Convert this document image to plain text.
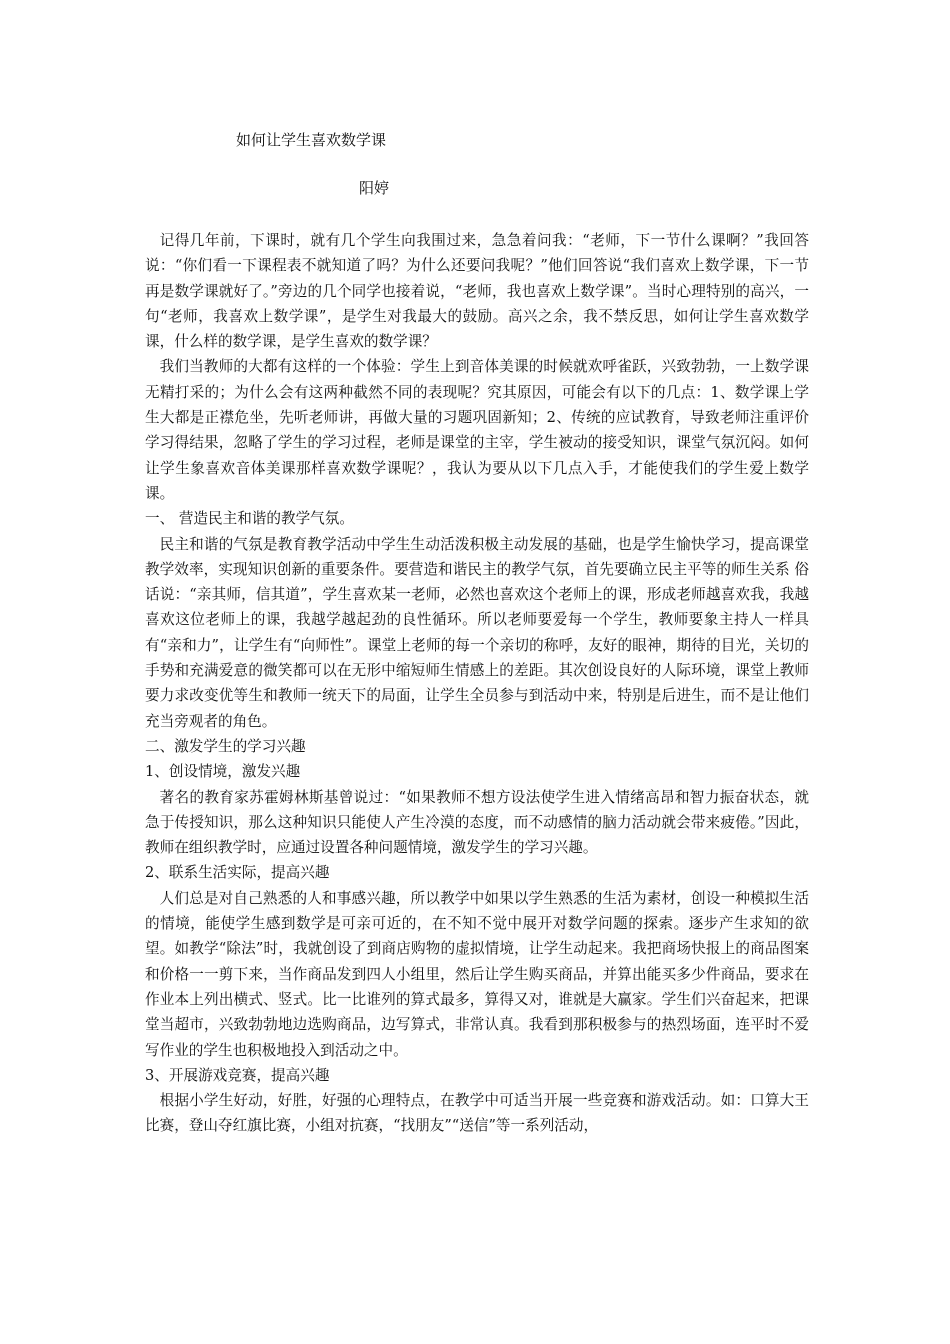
如何让学生喜欢数学课
阳婷

记得几年前，下课时，就有几个学生向我围过来，急急着问我：“老师，下一节什么课啊？”我回答说：“你们看一下课程表不就知道了吗？为什么还要问我呢？”他们回答说“我们喜欢上数学课，下一节再是数学课就好了。”旁边的几个同学也接着说，“老师，我也喜欢上数学课”。当时心理特别的高兴，一句“老师，我喜欢上数学课”，是学生对我最大的鼓励。高兴之余，我不禁反思，如何让学生喜欢数学课，什么样的数学课，是学生喜欢的数学课？

我们当教师的大都有这样的一个体验：学生上到音体美课的时候就欢呼雀跃，兴致勃勃，一上数学课无精打采的；为什么会有这两种截然不同的表现呢？究其原因，可能会有以下的几点：1、数学课上学生大都是正襟危坐，先听老师讲，再做大量的习题巩固新知；2、传统的应试教育，导致老师注重评价学习得结果，忽略了学生的学习过程，老师是课堂的主宰，学生被动的接受知识，课堂气氛沉闷。如何让学生象喜欢音体美课那样喜欢数学课呢？，我认为要从以下几点入手，才能使我们的学生爱上数学课。

一、 营造民主和谐的教学气氛。

民主和谐的气氛是教育教学活动中学生生动活泼积极主动发展的基础，也是学生愉快学习，提高课堂教学效率，实现知识创新的重要条件。要营造和谐民主的教学气氛，首先要确立民主平等的师生关系 俗话说：“亲其师，信其道”，学生喜欢某一老师，必然也喜欢这个老师上的课，形成老师越喜欢我，我越喜欢这位老师上的课，我越学越起劲的良性循环。所以老师要爱每一个学生，教师要象主持人一样具有“亲和力”，让学生有“向师性”。课堂上老师的每一个亲切的称呼，友好的眼神，期待的目光，关切的手势和充满爱意的微笑都可以在无形中缩短师生情感上的差距。其次创设良好的人际环境，课堂上教师要力求改变优等生和教师一统天下的局面，让学生全员参与到活动中来，特别是后进生，而不是让他们充当旁观者的角色。

二、激发学生的学习兴趣

1、创设情境，激发兴趣

著名的教育家苏霍姆林斯基曾说过：“如果教师不想方设法使学生进入情绪高昂和智力振奋状态，就急于传授知识，那么这种知识只能使人产生冷漠的态度，而不动感情的脑力活动就会带来疲倦。”因此，教师在组织教学时，应通过设置各种问题情境，激发学生的学习兴趣。

2、联系生活实际，提高兴趣

人们总是对自己熟悉的人和事感兴趣，所以教学中如果以学生熟悉的生活为素材，创设一种模拟生活的情境，能使学生感到数学是可亲可近的，在不知不觉中展开对数学问题的探索。逐步产生求知的欲望。如教学“除法”时，我就创设了到商店购物的虚拟情境，让学生动起来。我把商场快报上的商品图案和价格一一剪下来，当作商品发到四人小组里，然后让学生购买商品，并算出能买多少件商品，要求在作业本上列出横式、竖式。比一比谁列的算式最多，算得又对，谁就是大赢家。学生们兴奋起来，把课堂当超市，兴致勃勃地边选购商品，边写算式，非常认真。我看到那积极参与的热烈场面，连平时不爱写作业的学生也积极地投入到活动之中。

3、开展游戏竞赛，提高兴趣

根据小学生好动，好胜，好强的心理特点，在教学中可适当开展一些竞赛和游戏活动。如：口算大王比赛，登山夺红旗比赛，小组对抗赛，“找朋友”“送信”等一系列活动，
